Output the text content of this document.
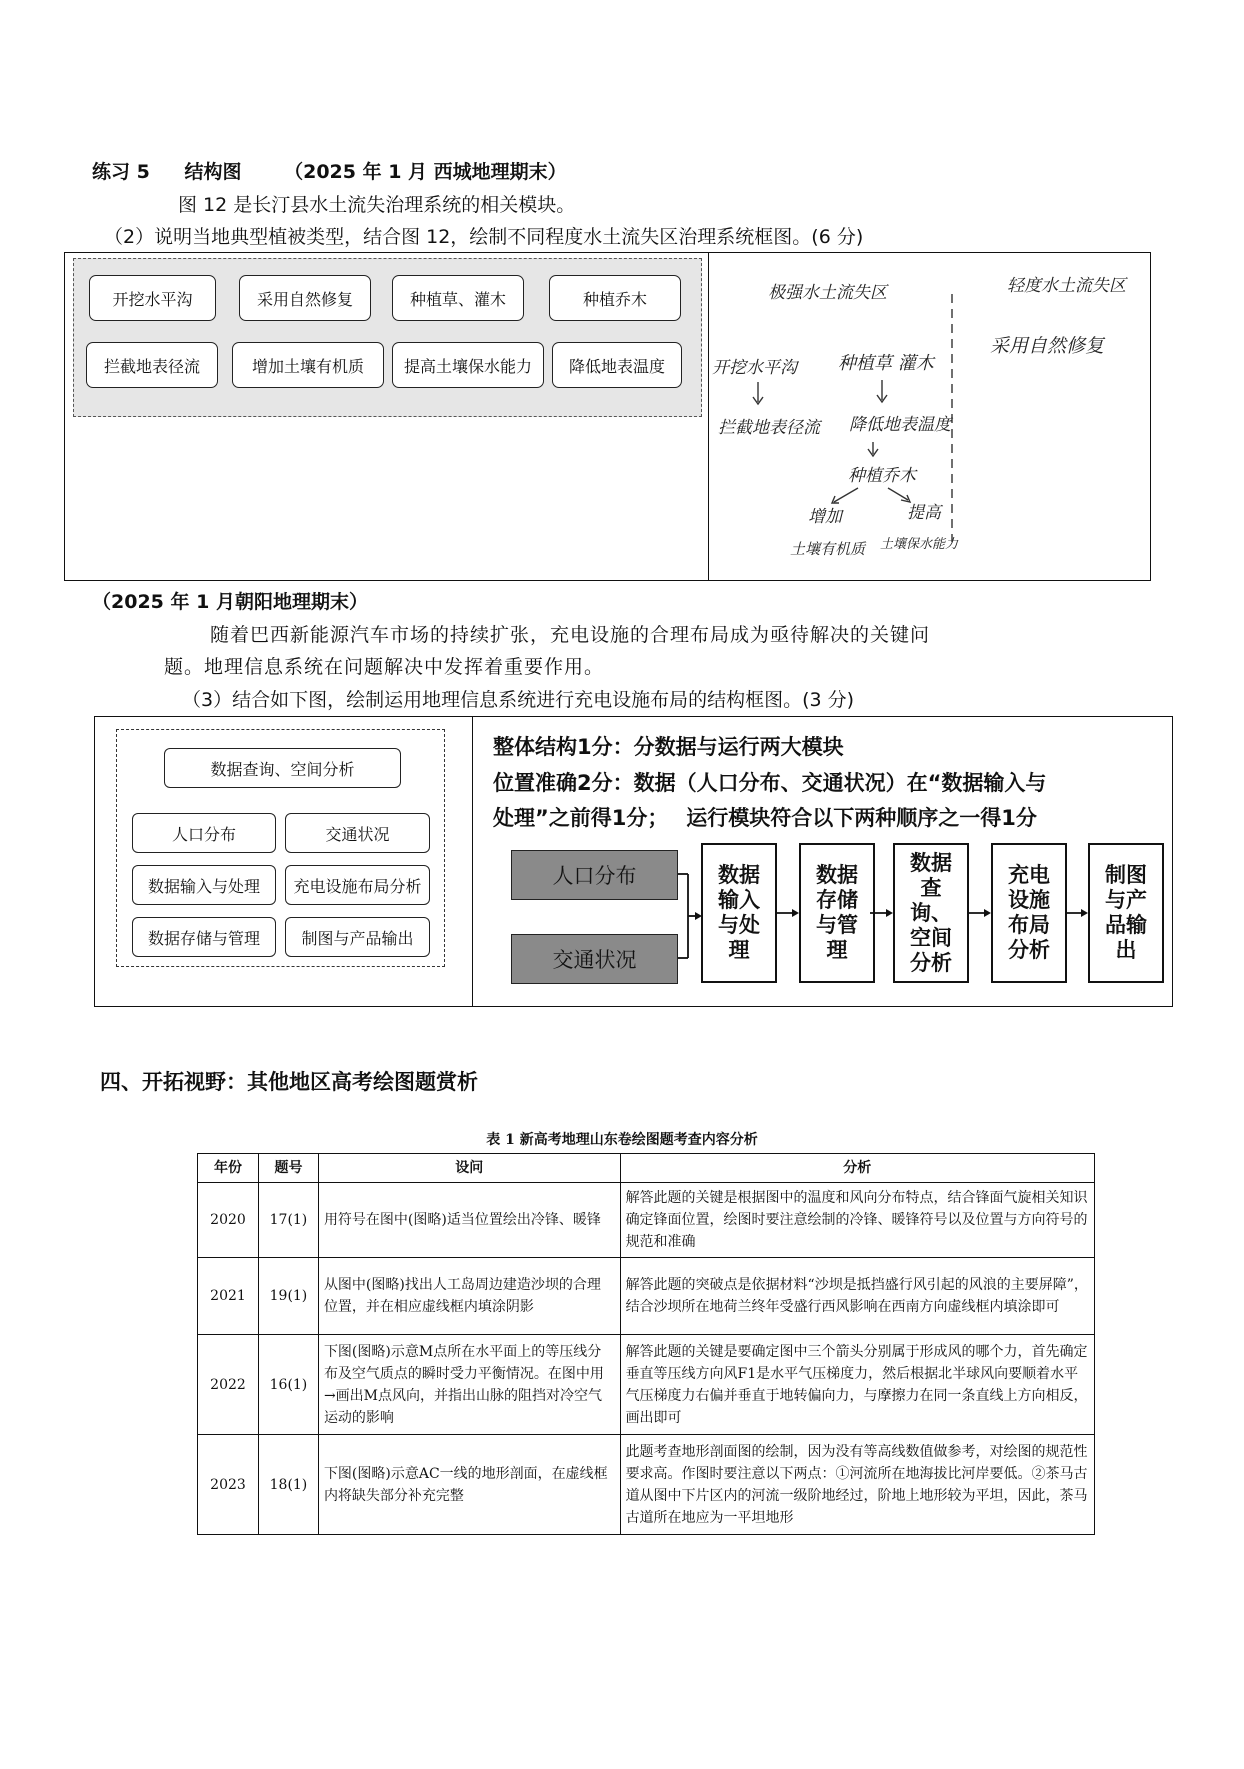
练习 5 结构图 （2025 年 1 月 西城地理期末）
图 12 是长汀县水土流失治理系统的相关模块。
（2）说明当地典型植被类型，结合图 12，绘制不同程度水土流失区治理系统框图。(6 分)
开挖水平沟	采用自然修复	种植草、灌木	种植乔木
拦截地表径流	增加土壤有机质	提高土壤保水能力	降低地表温度
极强水土流失区	轻度水土流失区
采用自然修复
开挖水平沟 种植草 灌木
拦截地表径流 降低地表温度
种植乔木
增加	提高
土壤有机质 土壤保水能力
（2025 年 1 月朝阳地理期末）
随着巴西新能源汽车市场的持续扩张，充电设施的合理布局成为亟待解决的关键问
题。地理信息系统在问题解决中发挥着重要作用。
（3）结合如下图，绘制运用地理信息系统进行充电设施布局的结构框图。(3 分)
数据查询、空间分析
人口分布	交通状况
数据输入与处理	充电设施布局分析
数据存储与管理	制图与产品输出
整体结构1分：分数据与运行两大模块
位置准确2分：数据（人口分布、交通状况）在“数据输入与
处理”之前得1分；　 运行模块符合以下两种顺序之一得1分
人口分布
交通状况
数据输入与处理
数据存储与管理
数据查询、空间分析
充电设施布局分析
制图与产品输出
四、开拓视野：其他地区高考绘图题赏析
表 1 新高考地理山东卷绘图题考查内容分析
年份	题号	设问	分析
2020	17(1)	用符号在图中(图略)适当位置绘出冷锋、暖锋	解答此题的关键是根据图中的温度和风向分布特点，结合锋面气旋相关知识确定锋面位置，绘图时要注意绘制的冷锋、暖锋符号以及位置与方向符号的规范和准确
2021	19(1)	从图中(图略)找出人工岛周边建造沙坝的合理位置，并在相应虚线框内填涂阴影	解答此题的突破点是依据材料“沙坝是抵挡盛行风引起的风浪的主要屏障”，结合沙坝所在地荷兰终年受盛行西风影响在西南方向虚线框内填涂即可
2022	16(1)	下图(图略)示意M点所在水平面上的等压线分布及空气质点的瞬时受力平衡情况。在图中用→画出M点风向，并指出山脉的阻挡对冷空气运动的影响	解答此题的关键是要确定图中三个箭头分别属于形成风的哪个力，首先确定垂直等压线方向风F1是水平气压梯度力，然后根据北半球风向要顺着水平气压梯度力右偏并垂直于地转偏向力，与摩擦力在同一条直线上方向相反，画出即可
2023	18(1)	下图(图略)示意AC一线的地形剖面，在虚线框内将缺失部分补充完整	此题考查地形剖面图的绘制，因为没有等高线数值做参考，对绘图的规范性要求高。作图时要注意以下两点：①河流所在地海拔比河岸要低。②茶马古道从图中下片区内的河流一级阶地经过，阶地上地形较为平坦，因此，茶马古道所在地应为一平坦地形
